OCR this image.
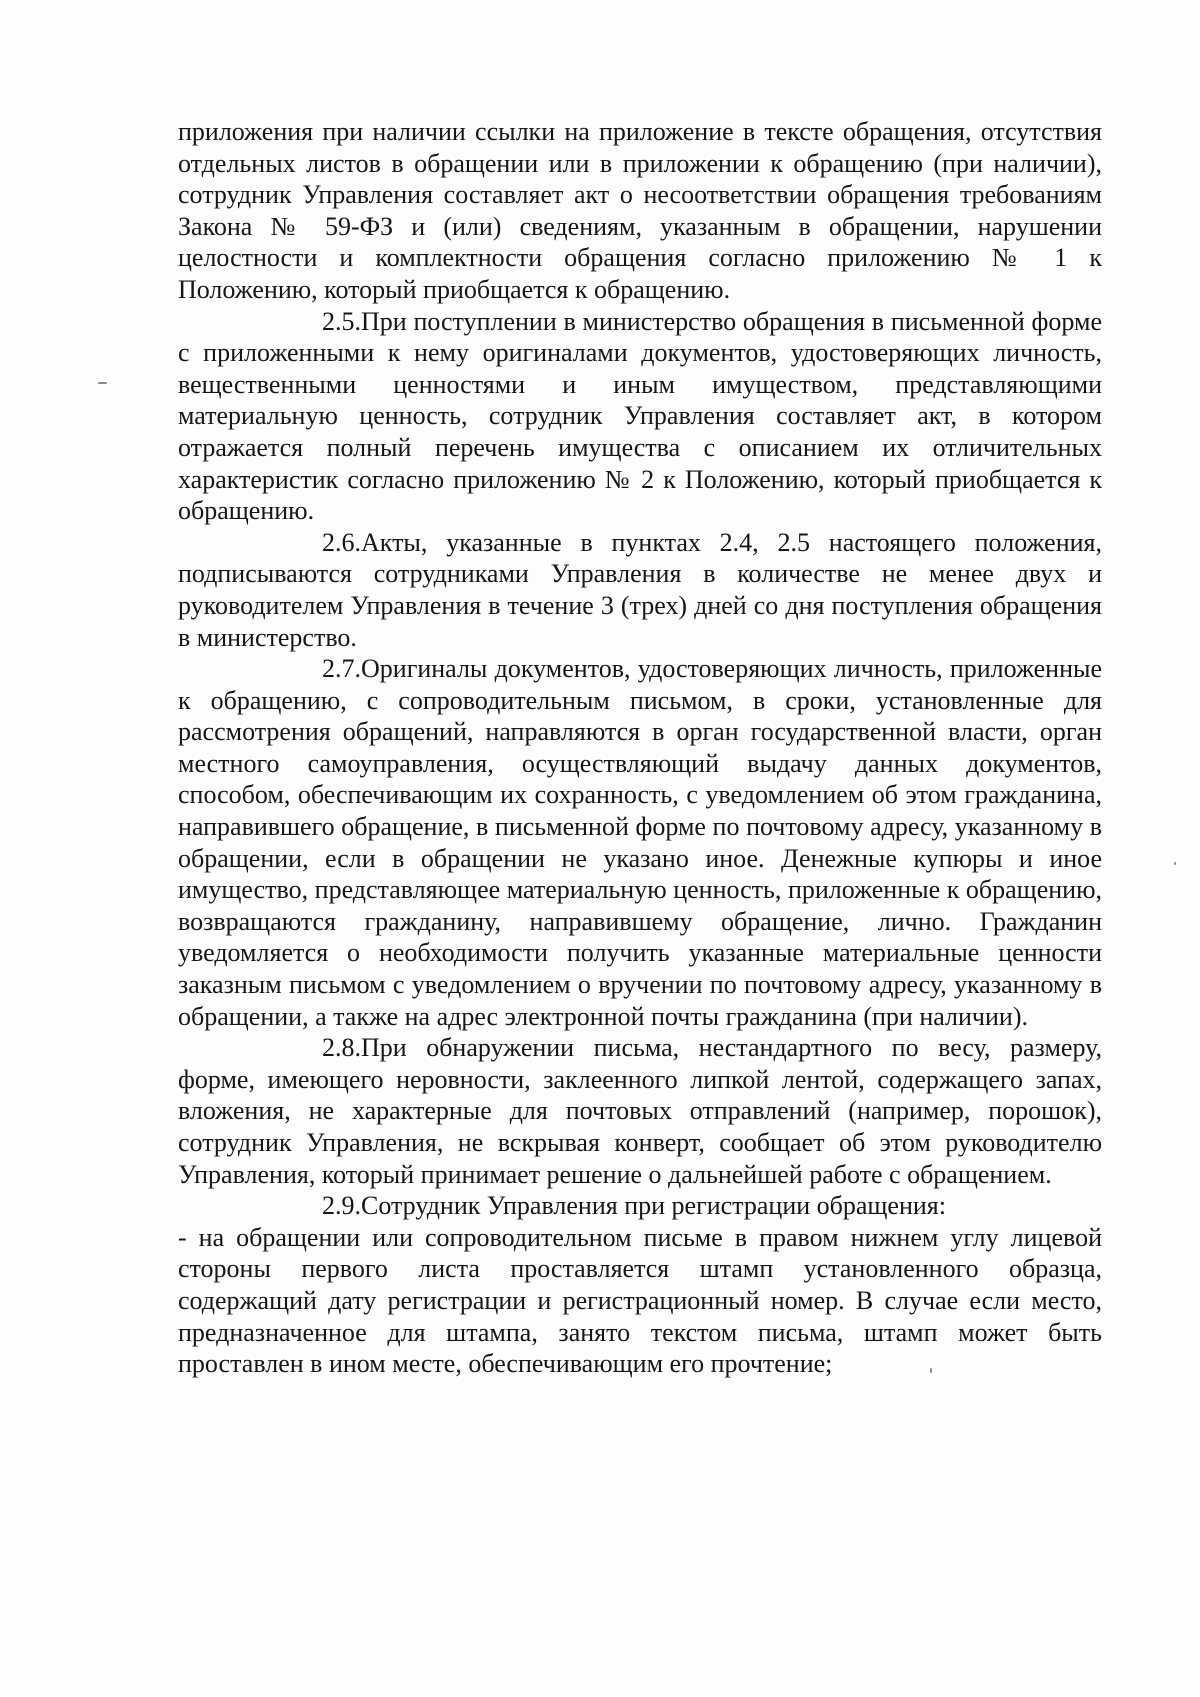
приложения при наличии ссылки на приложение в тексте обращения, отсутствия отдельных листов в обращении или в приложении к обращению (при наличии), сотрудник Управления составляет акт о несоответствии обращения требованиям Закона № 59-ФЗ и (или) сведениям, указанным в обращении, нарушении целостности и комплектности обращения согласно приложению № 1 к Положению, который приобщается к обращению.

2.5.При поступлении в министерство обращения в письменной форме с приложенными к нему оригиналами документов, удостоверяющих личность, вещественными ценностями и иным имуществом, представляющими материальную ценность, сотрудник Управления составляет акт, в котором отражается полный перечень имущества с описанием их отличительных характеристик согласно приложению № 2 к Положению, который приобщается к обращению.

2.6.Акты, указанные в пунктах 2.4, 2.5 настоящего положения, подписываются сотрудниками Управления в количестве не менее двух и руководителем Управления в течение 3 (трех) дней со дня поступления обращения в министерство.

2.7.Оригиналы документов, удостоверяющих личность, приложенные к обращению, с сопроводительным письмом, в сроки, установленные для рассмотрения обращений, направляются в орган государственной власти, орган местного самоуправления, осуществляющий выдачу данных документов, способом, обеспечивающим их сохранность, с уведомлением об этом гражданина, направившего обращение, в письменной форме по почтовому адресу, указанному в обращении, если в обращении не указано иное. Денежные купюры и иное имущество, представляющее материальную ценность, приложенные к обращению, возвращаются гражданину, направившему обращение, лично. Гражданин уведомляется о необходимости получить указанные материальные ценности заказным письмом с уведомлением о вручении по почтовому адресу, указанному в обращении, а также на адрес электронной почты гражданина (при наличии).

2.8.При обнаружении письма, нестандартного по весу, размеру, форме, имеющего неровности, заклеенного липкой лентой, содержащего запах, вложения, не характерные для почтовых отправлений (например, порошок), сотрудник Управления, не вскрывая конверт, сообщает об этом руководителю Управления, который принимает решение о дальнейшей работе с обращением.

2.9.Сотрудник Управления при регистрации обращения:

- на обращении или сопроводительном письме в правом нижнем углу лицевой стороны первого листа проставляется штамп установленного образца, содержащий дату регистрации и регистрационный номер. В случае если место, предназначенное для штампа, занято текстом письма, штамп может быть проставлен в ином месте, обеспечивающим его прочтение;
